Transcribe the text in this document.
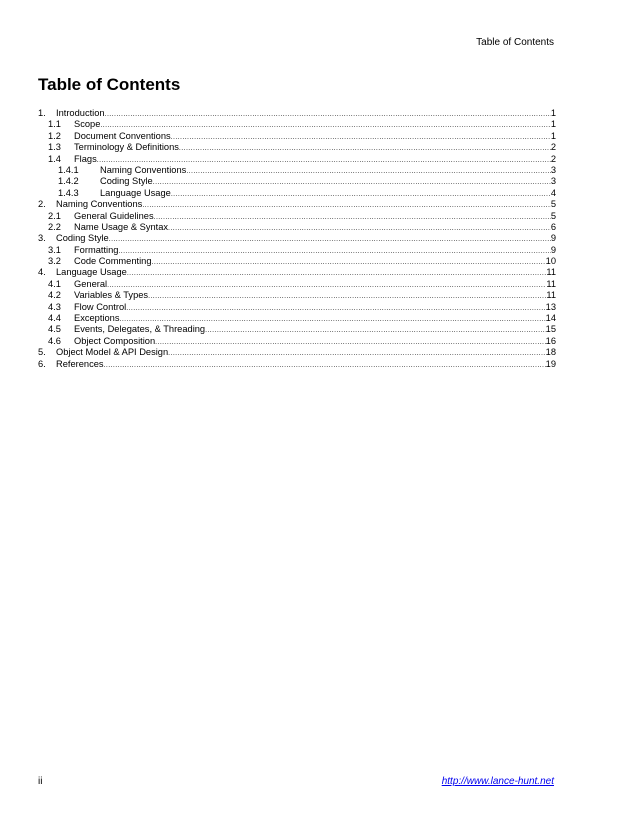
Table of Contents
Table of Contents
1.	Introduction .....	1
1.1	Scope .....	1
1.2	Document Conventions .....	1
1.3	Terminology & Definitions .....	2
1.4	Flags .....	2
1.4.1	Naming Conventions .....	3
1.4.2	Coding Style .....	3
1.4.3	Language Usage .....	4
2.	Naming Conventions .....	5
2.1	General Guidelines .....	5
2.2	Name Usage & Syntax .....	6
3.	Coding Style .....	9
3.1	Formatting .....	9
3.2	Code Commenting .....	10
4.	Language Usage .....	11
4.1	General .....	11
4.2	Variables & Types .....	11
4.3	Flow Control .....	13
4.4	Exceptions .....	14
4.5	Events, Delegates, & Threading .....	15
4.6	Object Composition .....	16
5.	Object Model & API Design .....	18
6.	References .....	19
ii	http://www.lance-hunt.net
